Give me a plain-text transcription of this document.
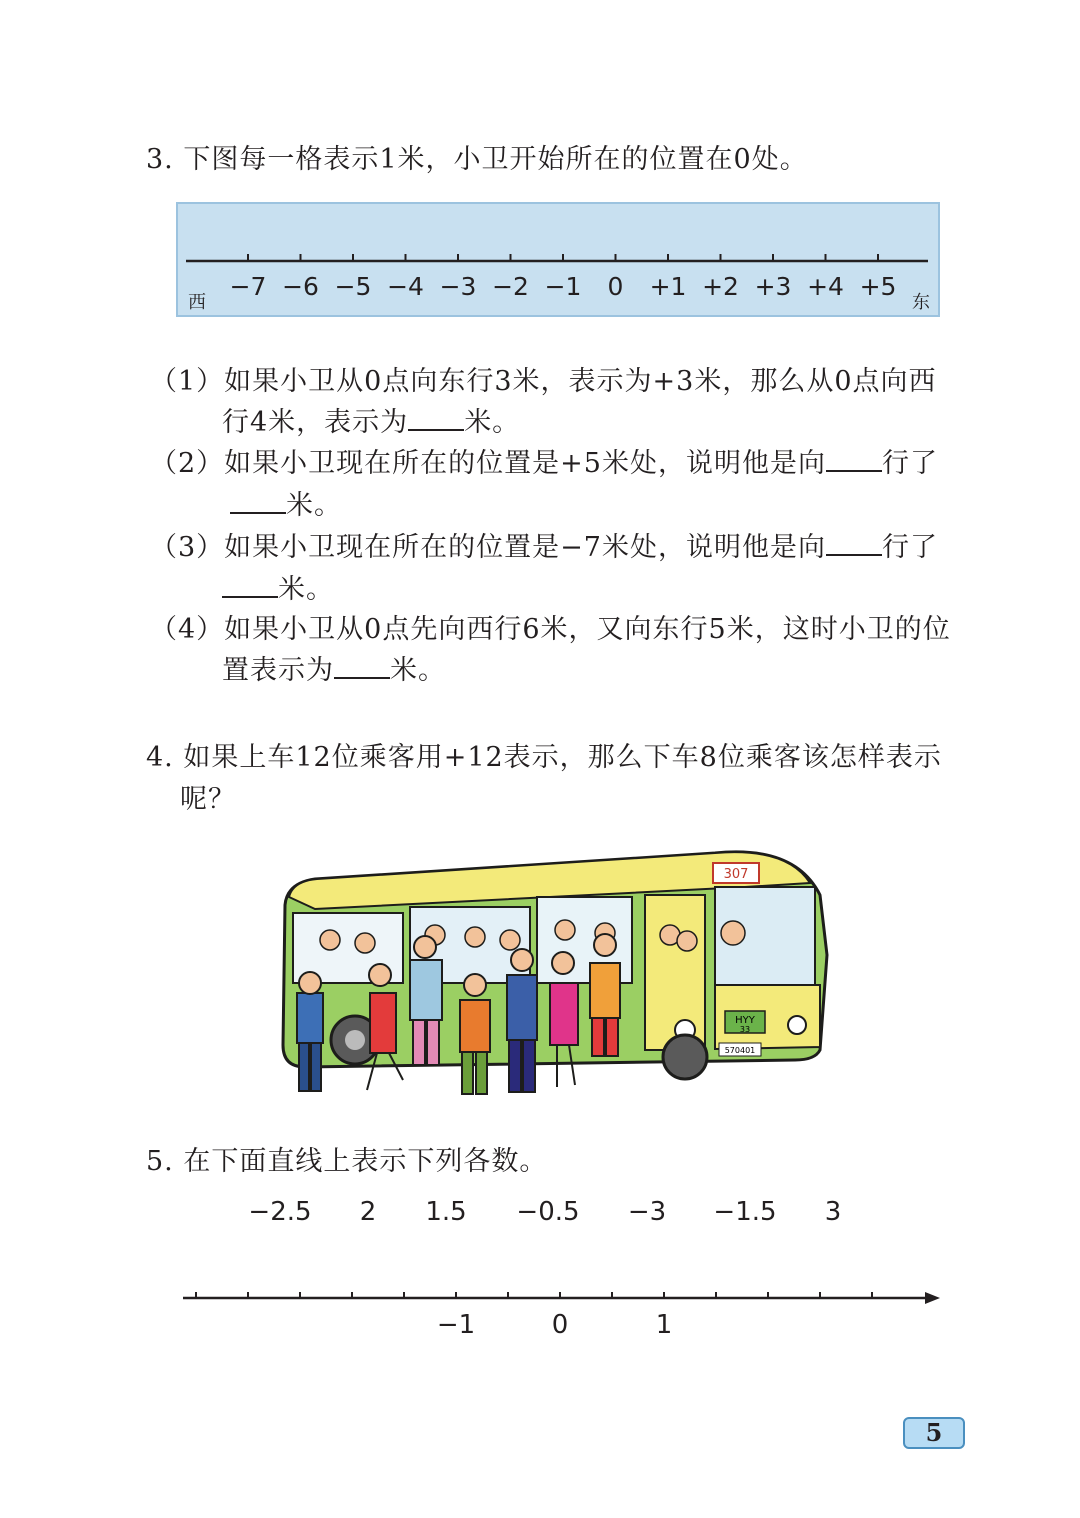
3. 下图每一格表示1米，小卫开始所在的位置在0处。
西	东
−7 −6 −5 −4 −3 −2 −1	0	+1 +2 +3 +4 +5
（1）如果小卫从0点向东行3米，表示为+3米，那么从0点向西
行4米，表示为 米。
（2）如果小卫现在所在的位置是+5米处，说明他是向 行了
米。
（3）如果小卫现在所在的位置是−7米处，说明他是向 行了
米。
（4）如果小卫从0点先向西行6米，又向东行5米，这时小卫的位
置表示为 米。
4. 如果上车12位乘客用+12表示，那么下车8位乘客该怎样表示
呢？
307
HYY
33
570401
5. 在下面直线上表示下列各数。
−2.5	2	1.5	−0.5	−3	−1.5	3
−1	0	1
5
